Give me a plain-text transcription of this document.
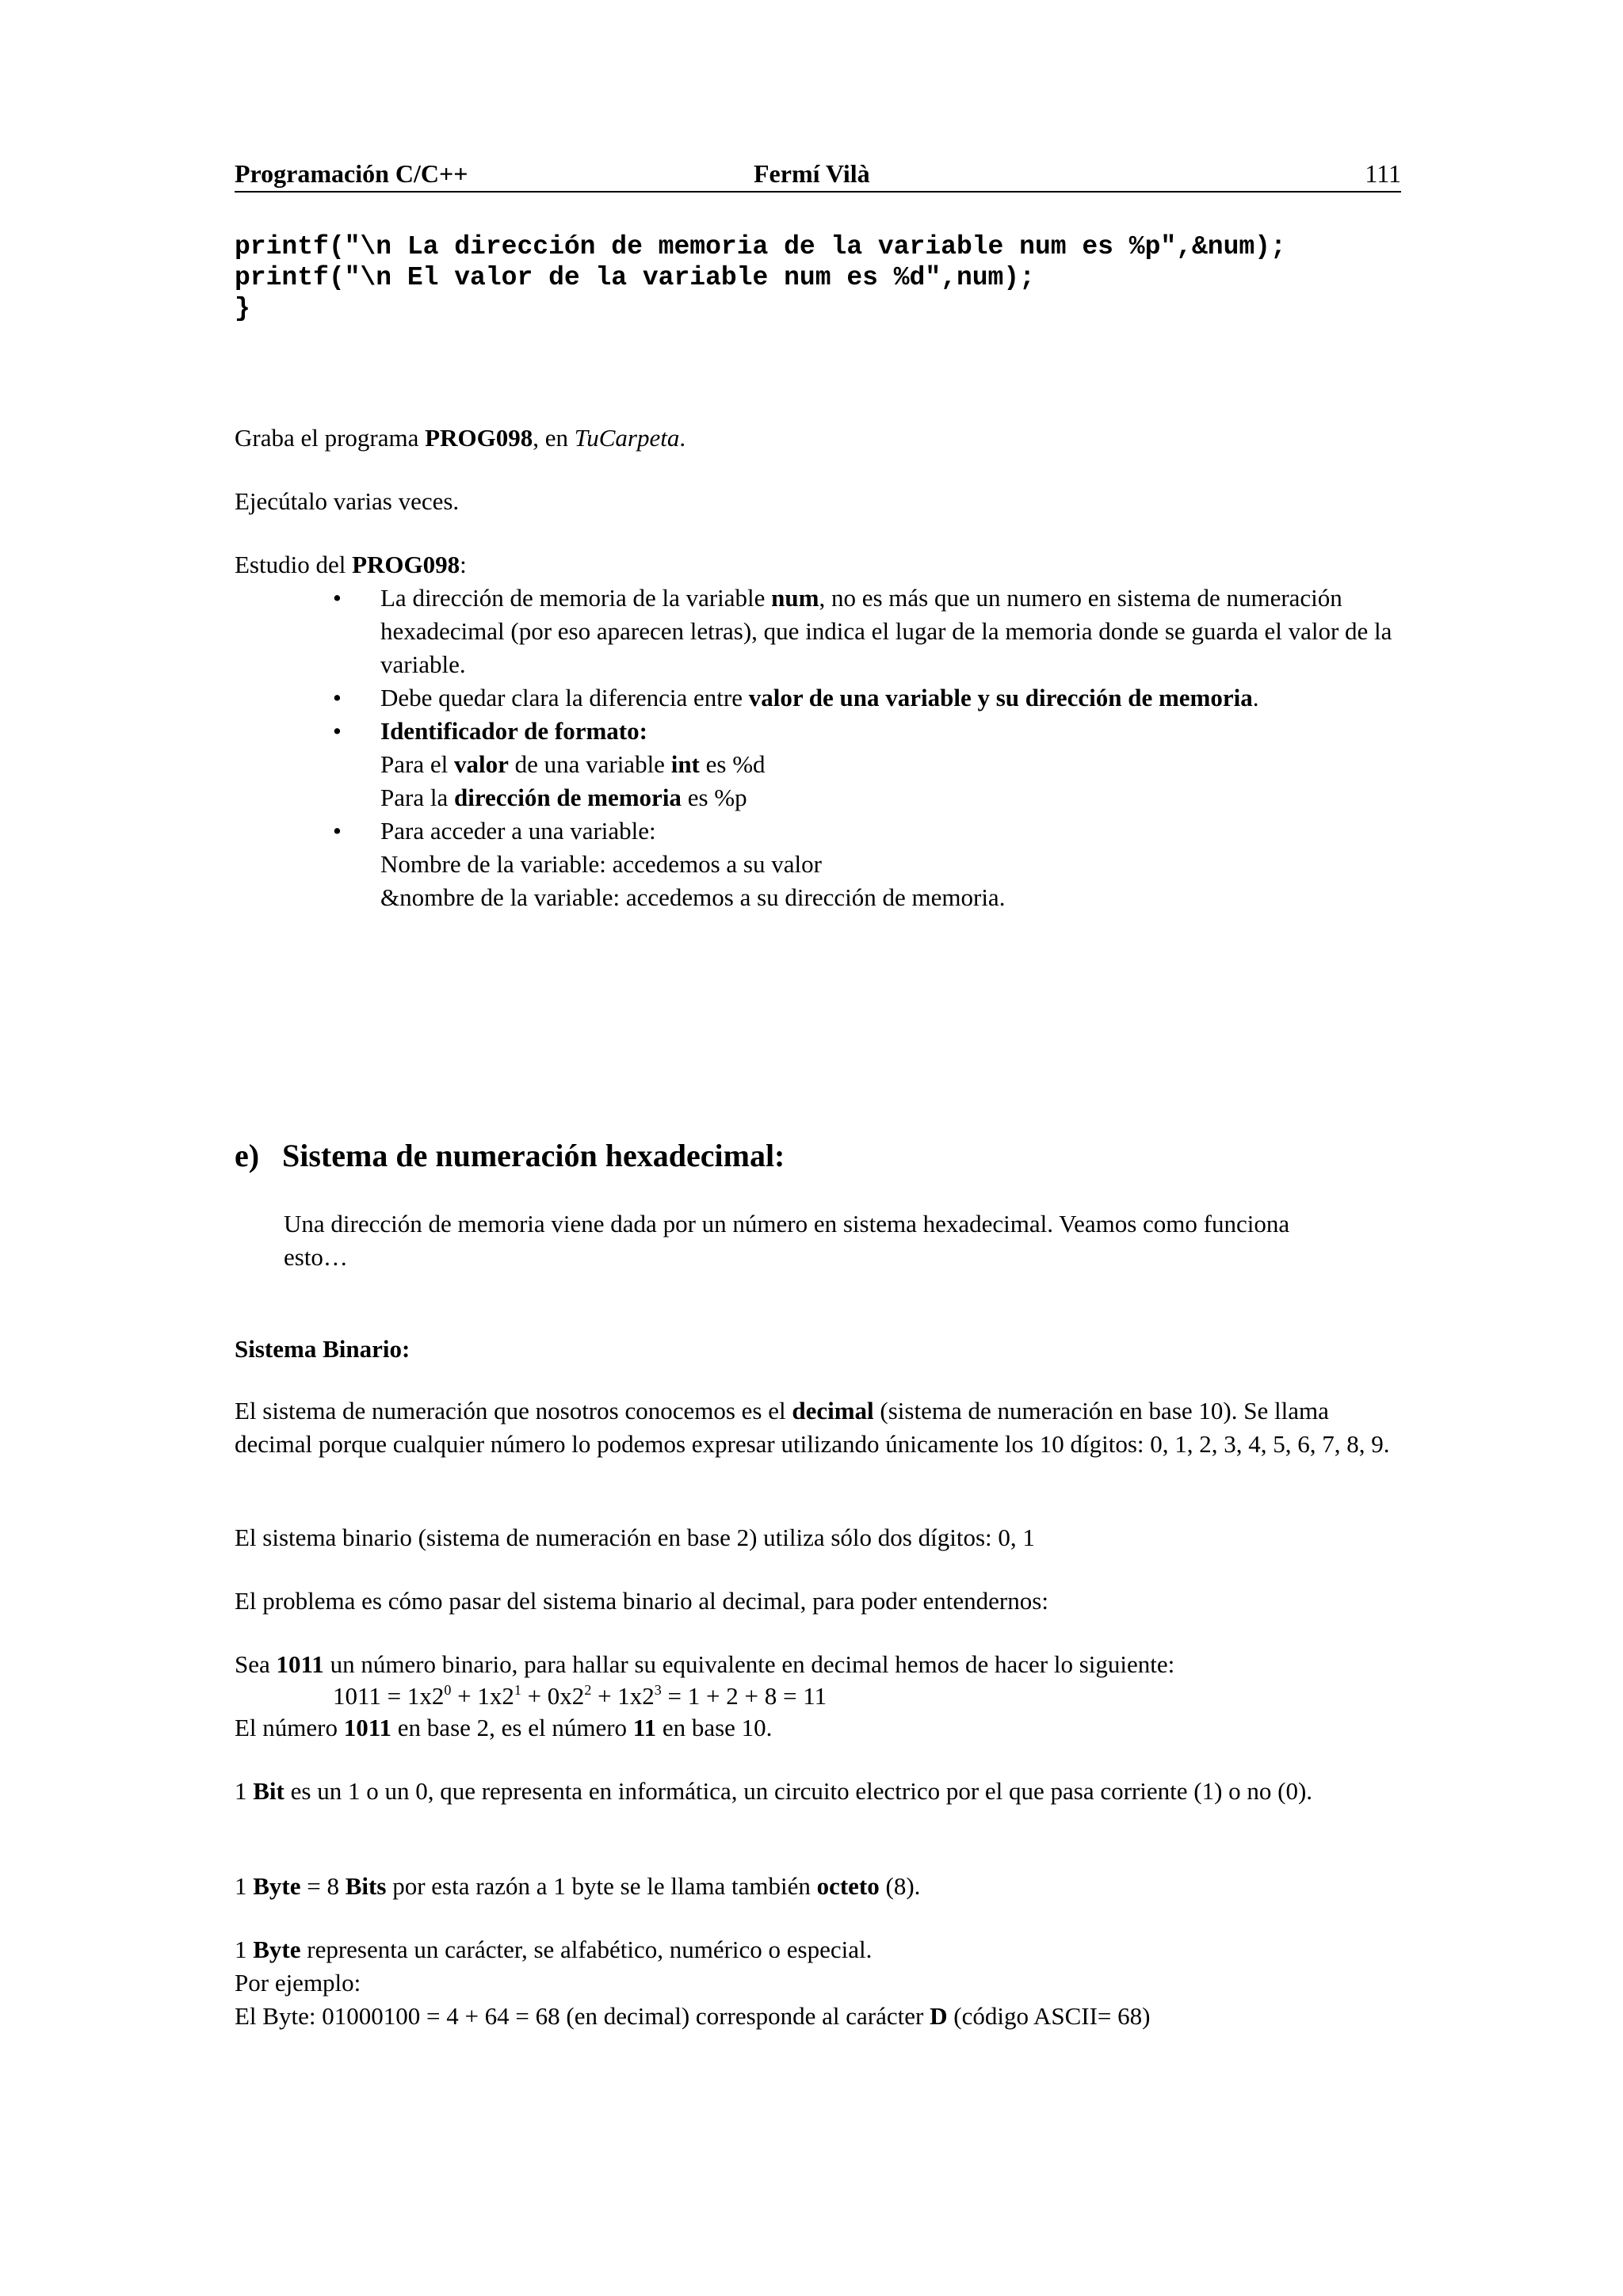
Programación C/C++	Fermí Vilà	111
printf("\n La dirección de memoria de la variable num es %p",&num);
printf("\n El valor de la variable num es %d",num);
}
Graba el programa PROG098, en TuCarpeta.
Ejecútalo varias veces.
Estudio del PROG098:
• La dirección de memoria de la variable num, no es más que un numero en sistema de numeración hexadecimal (por eso aparecen letras), que indica el lugar de la memoria donde se guarda el valor de la variable.
• Debe quedar clara la diferencia entre valor de una variable y su dirección de memoria.
• Identificador de formato:
Para el valor de una variable int es %d
Para la dirección de memoria es %p
• Para acceder a una variable:
Nombre de la variable: accedemos a su valor
&nombre de la variable: accedemos a su dirección de memoria.
e) Sistema de numeración hexadecimal:
Una dirección de memoria viene dada por un número en sistema hexadecimal. Veamos como funciona esto…
Sistema Binario:
El sistema de numeración que nosotros conocemos es el decimal (sistema de numeración en base 10). Se llama decimal porque cualquier número lo podemos expresar utilizando únicamente los 10 dígitos: 0, 1, 2, 3, 4, 5, 6, 7, 8, 9.
El sistema binario (sistema de numeración en base 2) utiliza sólo dos dígitos: 0, 1
El problema es cómo pasar del sistema binario al decimal, para poder entendernos:
Sea 1011 un número binario, para hallar su equivalente en decimal hemos de hacer lo siguiente:
$1011 = 1x2^0 + 1x2^1 + 0x2^2 + 1x2^3 = 1 + 2 + 8 = 11$
El número 1011 en base 2, es el número 11 en base 10.
1 Bit es un 1 o un 0, que representa en informática, un circuito electrico por el que pasa corriente (1) o no (0).
1 Byte = 8 Bits por esta razón a 1 byte se le llama también octeto (8).
1 Byte representa un carácter, se alfabético, numérico o especial.
Por ejemplo:
El Byte: 01000100 = 4 + 64 = 68 (en decimal) corresponde al carácter D (código ASCII= 68)
